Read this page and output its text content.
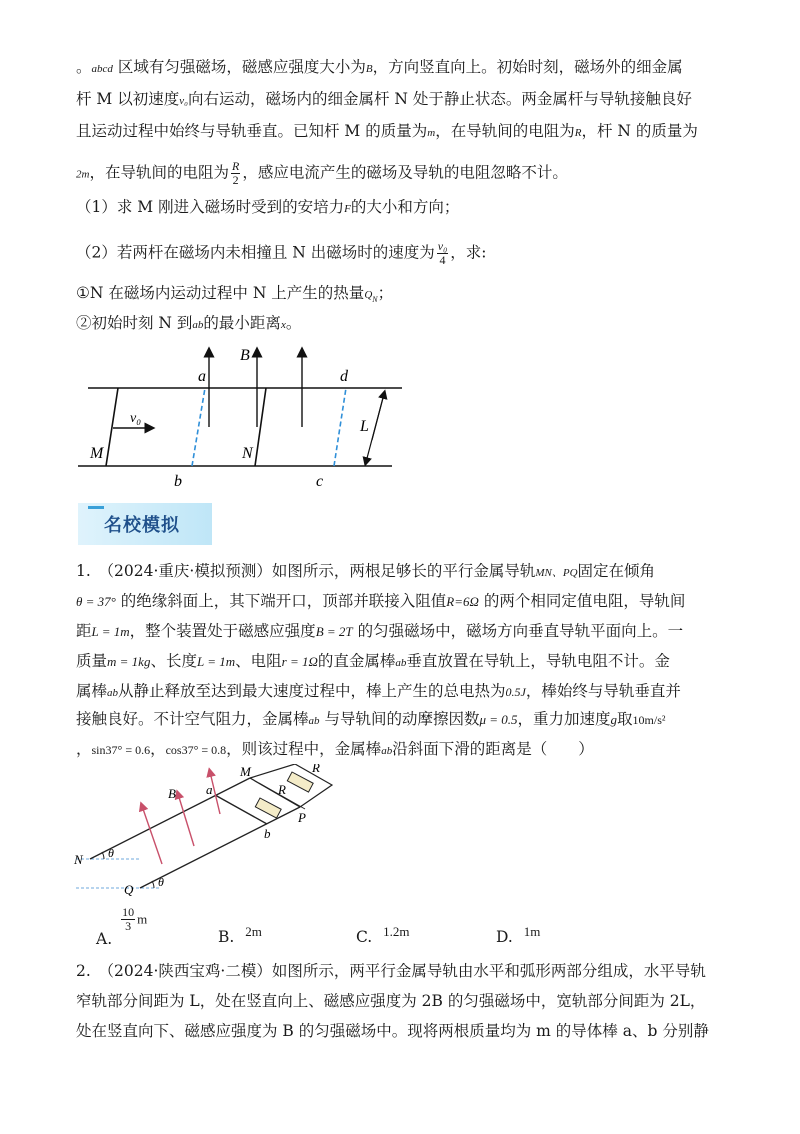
。abcd 区域有匀强磁场，磁感应强度大小为B，方向竖直向上。初始时刻，磁场外的细金属
杆 M 以初速度v₀向右运动，磁场内的细金属杆 N 处于静止状态。两金属杆与导轨接触良好
且运动过程中始终与导轨垂直。已知杆 M 的质量为m，在导轨间的电阻为R，杆 N 的质量为
2m，在导轨间的电阻为 $\frac{R}{2}$ ，感应电流产生的磁场及导轨的电阻忽略不计。
（1）求 M 刚进入磁场时受到的安培力F的大小和方向；
（2）若两杆在磁场内未相撞且 N 出磁场时的速度为 $\frac{\text{v₀}}{4}$ ，求:
①N 在磁场内运动过程中 N 上产生的热量$Q_N$；
②初始时刻 N 到ab的最小距离x。
a
B
d
v₀
M	N
L
b	c
名校模拟
1.　（2024·重庆·模拟预测）如图所示，两根足够长的平行金属导轨MN、PQ固定在倾角
θ = 37° 的绝缘斜面上，其下端开口，顶部并联接入阻值R=6Ω 的两个相同定值电阻，导轨间
距L = 1m，整个装置处于磁感应强度B = 2T 的匀强磁场中，磁场方向垂直导轨平面向上。一
质量m = 1kg、长度L = 1m、电阻r = 1Ω的直金属棒ab垂直放置在导轨上，导轨电阻不计。金
属棒ab从静止释放至达到最大速度过程中，棒上产生的总电热为0.5J，棒始终与导轨垂直并
接触良好。不计空气阻力，金属棒ab 与导轨间的动摩擦因数μ = 0.5，重力加速度g取10m/s²
，sin37° = 0.6，cos37° = 0.8，则该过程中，金属棒ab沿斜面下滑的距离是（　　）
B a
M
R
R
P
b
N
Q
θ
θ
A.
$\frac{10}{3}$ m
B. $^{2m}$	C. $^{1.2m}$	D. $^{1m}$
2.　（2024·陕西宝鸡·二模）如图所示，两平行金属导轨由水平和弧形两部分组成，水平导轨
窄轨部分间距为 L，处在竖直向上、磁感应强度为 2B 的匀强磁场中，宽轨部分间距为 2L，
处在竖直向下、磁感应强度为 B 的匀强磁场中。现将两根质量均为 m 的导体棒 a、b 分别静
